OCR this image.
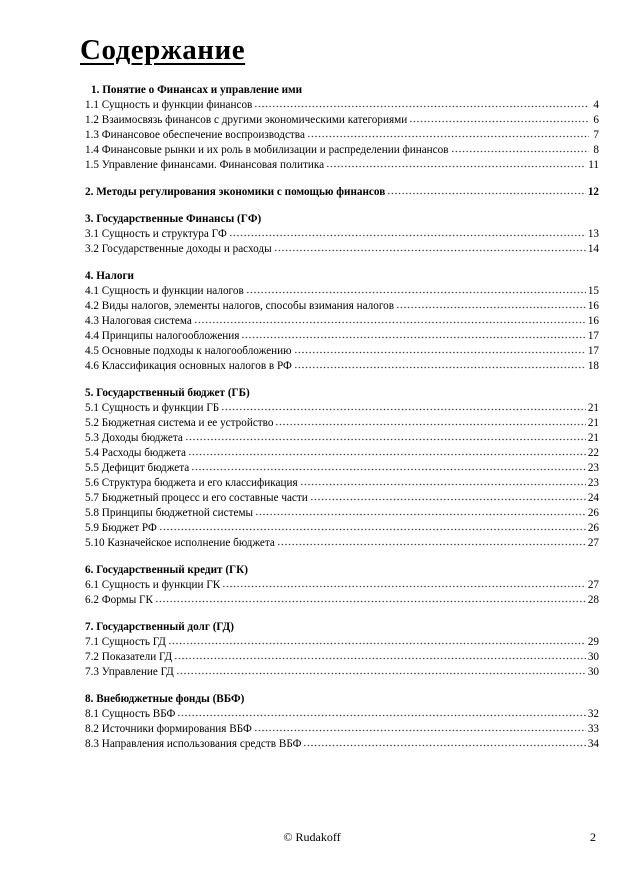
Содержание
1. Понятие о Финансах и управление ими
1.1 Сущность и функции финансов	4
1.2 Взаимосвязь финансов с другими экономическими категориями	6
1.3 Финансовое обеспечение воспроизводства	7
1.4 Финансовые рынки и их роль в мобилизации и распределении финансов	8
1.5 Управление финансами. Финансовая политика	11
2. Методы регулирования экономики с помощью финансов	12
3. Государственные Финансы (ГФ)
3.1 Сущность и структура ГФ	13
3.2 Государственные доходы и расходы	14
4. Налоги
4.1 Сущность и функции налогов	15
4.2 Виды налогов, элементы налогов, способы взимания налогов	16
4.3 Налоговая система	16
4.4 Принципы налогообложения	17
4.5 Основные подходы к налогообложению	17
4.6 Классификация основных налогов в РФ	18
5. Государственный бюджет (ГБ)
5.1 Сущность и функции ГБ	21
5.2 Бюджетная система и ее устройство	21
5.3 Доходы бюджета	21
5.4 Расходы бюджета	22
5.5 Дефицит бюджета	23
5.6 Структура бюджета и его классификация	23
5.7 Бюджетный процесс и его составные части	24
5.8 Принципы бюджетной системы	26
5.9 Бюджет РФ	26
5.10 Казначейское исполнение бюджета	27
6. Государственный кредит (ГК)
6.1 Сущность и функции ГК	27
6.2 Формы ГК	28
7. Государственный долг (ГД)
7.1 Сущность ГД	29
7.2 Показатели ГД	30
7.3 Управление ГД	30
8. Внебюджетные фонды (ВБФ)
8.1 Сущность ВБФ	32
8.2 Источники формирования ВБФ	33
8.3 Направления использования средств ВБФ	34
© Rudakoff	2
